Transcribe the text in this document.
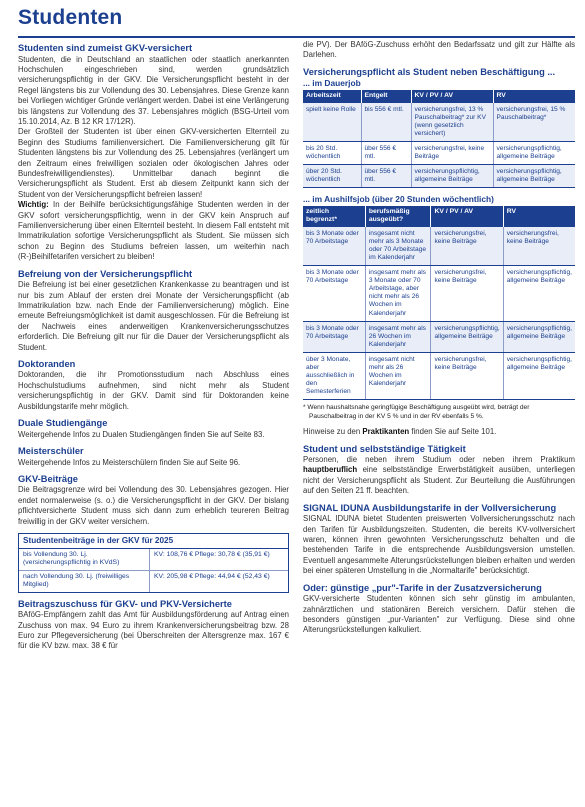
Studenten
Studenten sind zumeist GKV-versichert

Studenten, die in Deutschland an staatlichen oder staatlich anerkannten Hochschulen eingeschrieben sind, werden grundsätzlich versicherungspflichtig in der GKV. Die Versicherungspflicht besteht in der Regel längstens bis zur Vollendung des 30. Lebensjahres. Diese Grenze kann bei Vorliegen wichtiger Gründe verlängert werden. Dabei ist eine Verlängerung bis längstens zur Vollendung des 37. Lebensjahres möglich (BSG-Urteil vom 15.10.2014, Az. B 12 KR 17/12R).

Der Großteil der Studenten ist über einen GKV-versicherten Elternteil zu Beginn des Studiums familienversichert. Die Familienversicherung gilt für Studenten längstens bis zur Vollendung des 25. Lebensjahres (verlängert um den Zeitraum eines freiwilligen sozialen oder ökologischen Jahres oder Bundesfreiwilligendienstes). Unmittelbar danach beginnt die Versicherungspflicht als Student. Erst ab diesem Zeitpunkt kann sich der Student von der Versicherungspflicht befreien lassen!

Wichtig: In der Beihilfe berücksichtigungsfähige Studenten werden in der GKV sofort versicherungspflichtig, wenn in der GKV kein Anspruch auf Familienversicherung über einen Elternteil besteht. In diesem Fall entsteht mit Immatrikulation sofortige Versicherungspflicht als Student. Sie müssen sich schon zu Beginn des Studiums befreien lassen, um weiterhin nach (R-)Beihilfetarifen versichert zu bleiben!

Befreiung von der Versicherungspflicht

Die Befreiung ist bei einer gesetzlichen Krankenkasse zu beantragen und ist nur bis zum Ablauf der ersten drei Monate der Versicherungspflicht (ab Immatrikulation bzw. nach Ende der Familienversicherung) möglich. Eine erneute Befreiungsmöglichkeit ist damit ausgeschlossen. Für die Befreiung ist der Nachweis eines anderweitigen Krankenversicherungsschutzes erforderlich. Die Befreiung gilt nur für die Dauer der Versicherungspflicht als Student.

Doktoranden

Doktoranden, die ihr Promotionsstudium nach Abschluss eines Hochschulstudiums aufnehmen, sind nicht mehr als Student versicherungspflichtig in der GKV. Damit sind für Doktoranden keine Ausbildungstarife mehr möglich.

Duale Studiengänge

Weitergehende Infos zu Dualen Studiengängen finden Sie auf Seite 83.

Meisterschüler

Weitergehende Infos zu Meisterschülern finden Sie auf Seite 96.

GKV-Beiträge

Die Beitragsgrenze wird bei Vollendung des 30. Lebensjahres gezogen. Hier endet normalerweise (s. o.) die Versicherungspflicht in der GKV. Der bislang pflichtversicherte Student muss sich dann zum erheblich teureren Beitrag freiwillig in der GKV weiter versichern.

Studentenbeiträge in der GKV für 2025
bis Vollendung 30. Lj. (versicherungspflichtig in KVdS)
KV: 108,76 € Pflege: 30,78 € (35,91 €)
nach Vollendung 30. Lj. (freiwilliges Mitglied)
KV: 205,98 € Pflege: 44,94 € (52,43 €)
Beitragszuschuss für GKV- und PKV-Versicherte

BAföG-Empfängern zahlt das Amt für Ausbildungsförderung auf Antrag einen Zuschuss von max. 94 Euro zu ihrem Krankenversicherungsbeitrag bzw. 28 Euro zur Pflegeversicherung (bei Überschreiten der Altersgrenze max. 167 € für die KV bzw. max. 38 € für

die PV). Der BAföG-Zuschuss erhöht den Bedarfssatz und gilt zur Hälfte als Darlehen.

Versicherungspflicht als Student neben Beschäftigung ...
... im Dauerjob
Arbeitszeit	Entgelt	KV / PV / AV	RV
spielt keine Rolle	bis 556 € mtl.	versicherungsfrei, 13 % Pauschalbeitrag* zur KV (wenn gesetzlich versichert)	versicherungsfrei, 15 % Pauschalbeitrag*
bis 20 Std. wöchentlich	über 556 € mtl.	versicherungsfrei, keine Beiträge	versicherungspflichtig, allgemeine Beiträge
über 20 Std. wöchentlich	über 556 € mtl.	versicherungspflichtig, allgemeine Beiträge	versicherungspflichtig, allgemeine Beiträge
... im Aushilfsjob (über 20 Stunden wöchentlich)
zeitlich begrenzt*	berufsmäßig ausgeübt?	KV / PV / AV	RV
bis 3 Monate oder 70 Arbeitstage	insgesamt nicht mehr als 3 Monate oder 70 Arbeitstage im Kalenderjahr	versicherungsfrei, keine Beiträge	versicherungsfrei, keine Beiträge
bis 3 Monate oder 70 Arbeitstage	insgesamt mehr als 3 Monate oder 70 Arbeitstage, aber nicht mehr als 26 Wochen im Kalenderjahr	versicherungsfrei, keine Beiträge	versicherungspflichtig, allgemeine Beiträge
bis 3 Monate oder 70 Arbeitstage	insgesamt mehr als 26 Wochen im Kalenderjahr	versicherungspflichtig, allgemeine Beiträge	versicherungspflichtig, allgemeine Beiträge
über 3 Monate, aber ausschließlich in den Semesterferien	insgesamt nicht mehr als 26 Wochen im Kalenderjahr	versicherungsfrei, keine Beiträge	versicherungspflichtig, allgemeine Beiträge
* Wenn haushaltsnahe geringfügige Beschäftigung ausgeübt wird, beträgt der Pauschalbeitrag in der KV 5 % und in der RV ebenfalls 5 %.

Hinweise zu den Praktikanten finden Sie auf Seite 101.

Student und selbstständige Tätigkeit

Personen, die neben ihrem Studium oder neben ihrem Praktikum hauptberuflich eine selbstständige Erwerbstätigkeit ausüben, unterliegen nicht der Versicherungspflicht als Student. Zur Beurteilung die Ausführungen auf den Seiten 21 ff. beachten.

SIGNAL IDUNA Ausbildungstarife in der Vollversicherung

SIGNAL IDUNA bietet Studenten preiswerten Vollversicherungsschutz nach den Tarifen für Ausbildungszeiten. Studenten, die bereits KV-vollversichert waren, können ihren gewohnten Versicherungsschutz behalten und die bestehenden Tarife in die entsprechende Ausbildungsversion umstellen. Eventuell angesammelte Alterungsrückstellungen bleiben erhalten und werden bei einer späteren Umstellung in die „Normaltarife" berücksichtigt.

Oder: günstige „pur"-Tarife in der Zusatzversicherung

GKV-versicherte Studenten können sich sehr günstig im ambulanten, zahnärztlichen und stationären Bereich versichern. Dafür stehen die besonders günstigen „pur-Varianten" zur Verfügung. Diese sind ohne Alterungsrückstellungen kalkuliert.
